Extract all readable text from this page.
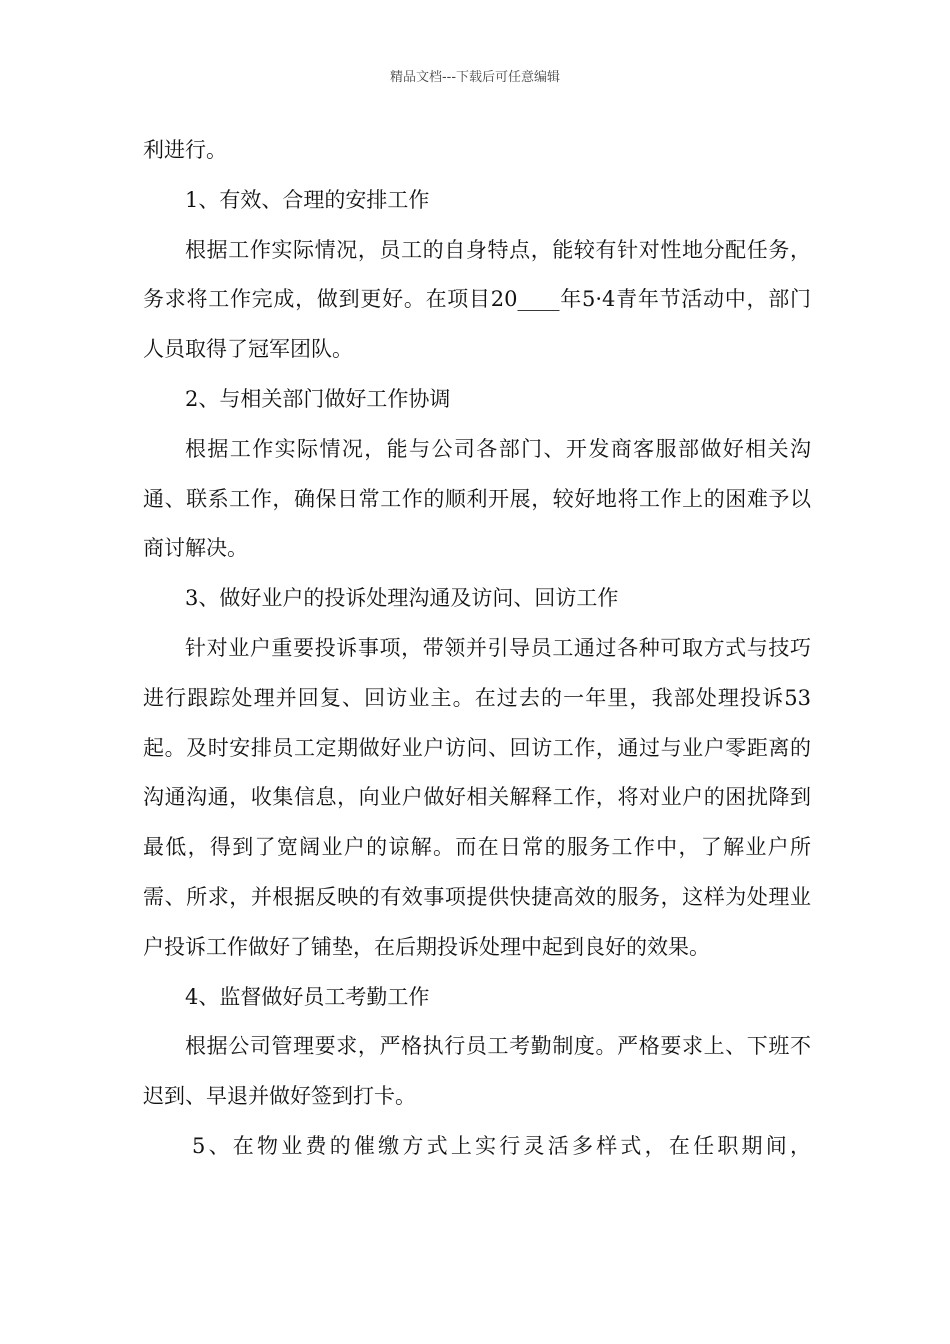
精品文档---下载后可任意编辑

利进行。

1、有效、合理的安排工作

根据工作实际情况，员工的自身特点，能较有针对性地分配任务，务求将工作完成，做到更好。在项目20____年5·4青年节活动中，部门人员取得了冠军团队。

2、与相关部门做好工作协调

根据工作实际情况，能与公司各部门、开发商客服部做好相关沟通、联系工作，确保日常工作的顺利开展，较好地将工作上的困难予以商讨解决。

3、做好业户的投诉处理沟通及访问、回访工作

针对业户重要投诉事项，带领并引导员工通过各种可取方式与技巧进行跟踪处理并回复、回访业主。在过去的一年里，我部处理投诉53起。及时安排员工定期做好业户访问、回访工作，通过与业户零距离的沟通沟通，收集信息，向业户做好相关解释工作，将对业户的困扰降到最低，得到了宽阔业户的谅解。而在日常的服务工作中，了解业户所需、所求，并根据反映的有效事项提供快捷高效的服务，这样为处理业户投诉工作做好了铺垫，在后期投诉处理中起到良好的效果。

4、监督做好员工考勤工作

根据公司管理要求，严格执行员工考勤制度。严格要求上、下班不迟到、早退并做好签到打卡。

5、在物业费的催缴方式上实行灵活多样式，在任职期间，
